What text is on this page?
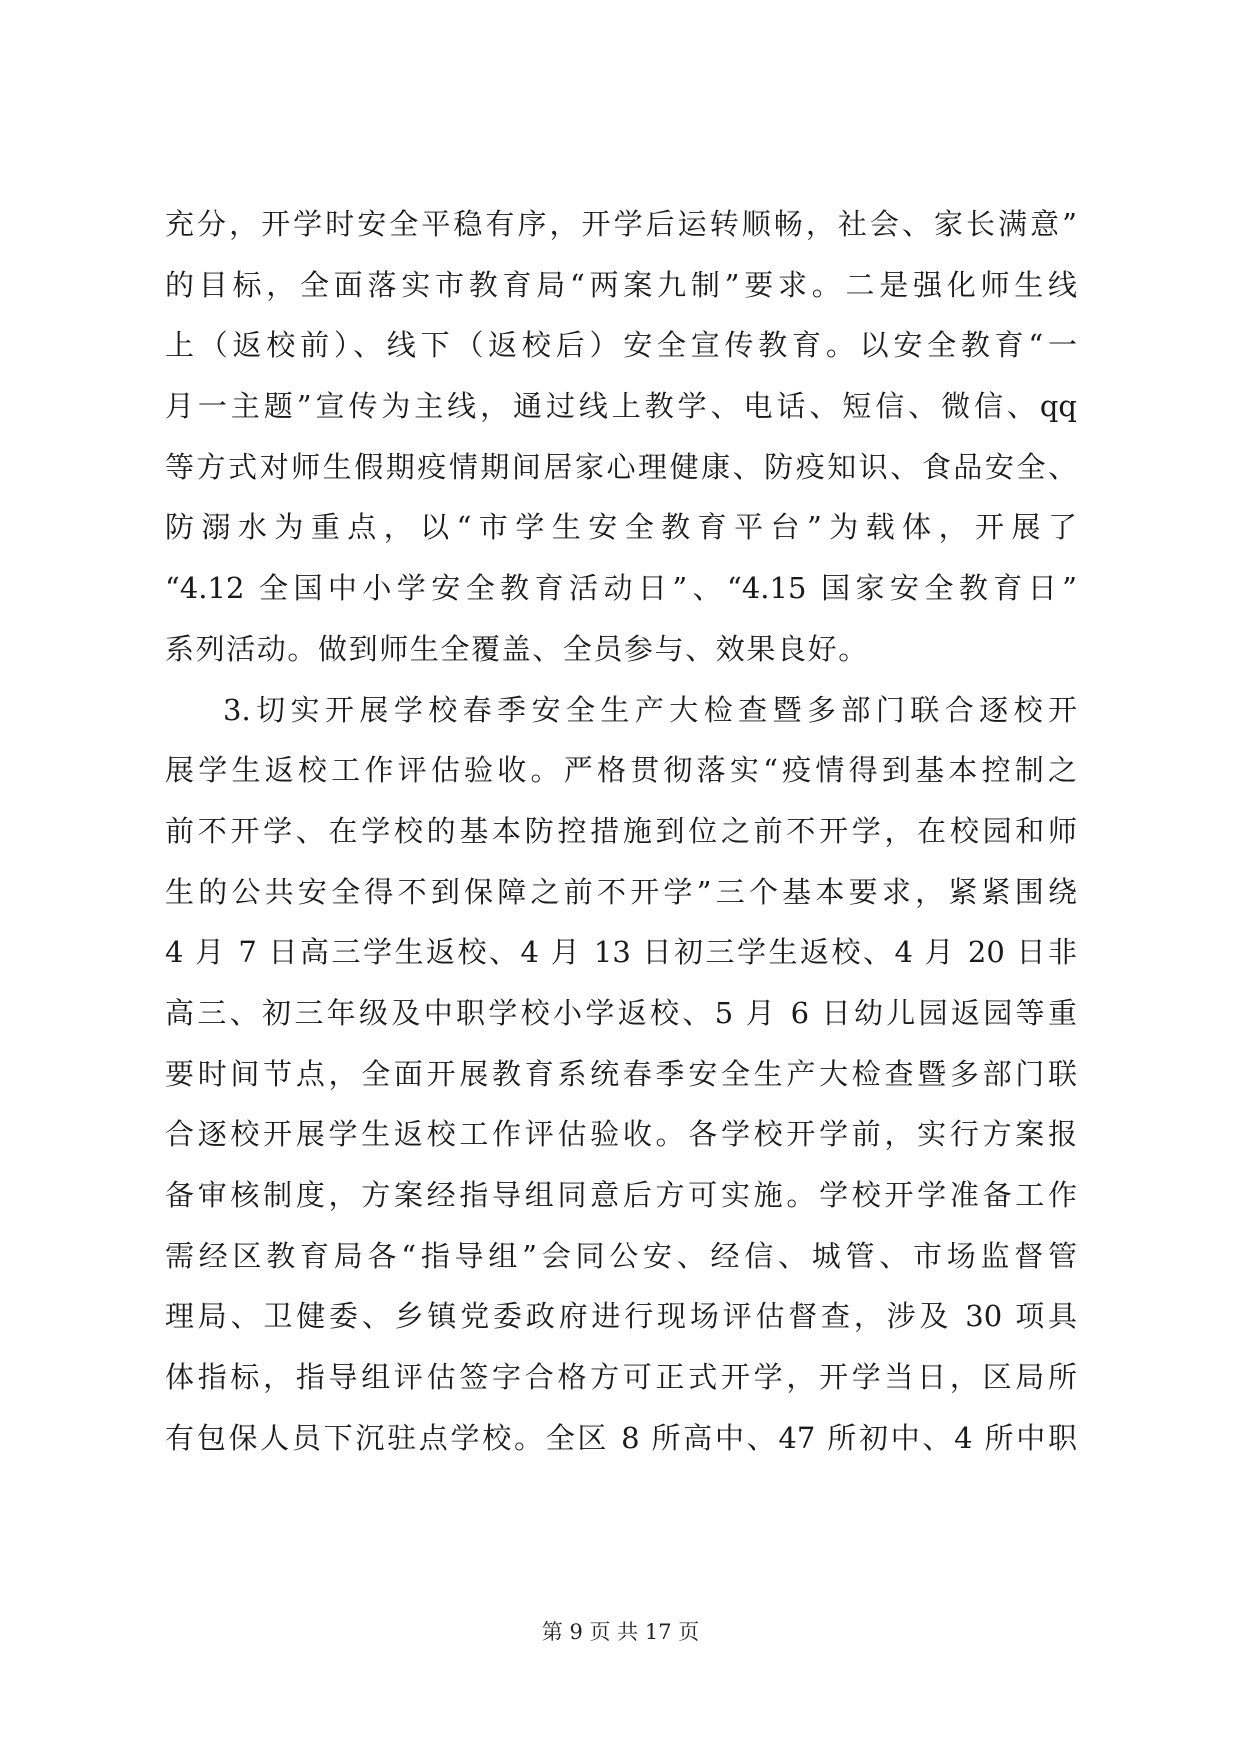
充分，开学时安全平稳有序，开学后运转顺畅，社会、家长满意”
的目标，全面落实市教育局“两案九制”要求。二是强化师生线
上（返校前）、线下（返校后）安全宣传教育。以安全教育“一
月一主题”宣传为主线，通过线上教学、电话、短信、微信、qq
等方式对师生假期疫情期间居家心理健康、防疫知识、食品安全、
防溺水为重点，以“市学生安全教育平台”为载体，开展了
“4.12 全国中小学安全教育活动日”、“4.15 国家安全教育日”
系列活动。做到师生全覆盖、全员参与、效果良好。
3.切实开展学校春季安全生产大检查暨多部门联合逐校开
展学生返校工作评估验收。严格贯彻落实“疫情得到基本控制之
前不开学、在学校的基本防控措施到位之前不开学，在校园和师
生的公共安全得不到保障之前不开学”三个基本要求，紧紧围绕
4 月 7 日高三学生返校、4 月 13 日初三学生返校、4 月 20 日非
高三、初三年级及中职学校小学返校、5 月 6 日幼儿园返园等重
要时间节点，全面开展教育系统春季安全生产大检查暨多部门联
合逐校开展学生返校工作评估验收。各学校开学前，实行方案报
备审核制度，方案经指导组同意后方可实施。学校开学准备工作
需经区教育局各“指导组”会同公安、经信、城管、市场监督管
理局、卫健委、乡镇党委政府进行现场评估督查，涉及 30 项具
体指标，指导组评估签字合格方可正式开学，开学当日，区局所
有包保人员下沉驻点学校。全区 8 所高中、47 所初中、4 所中职
第 9 页 共 17 页
